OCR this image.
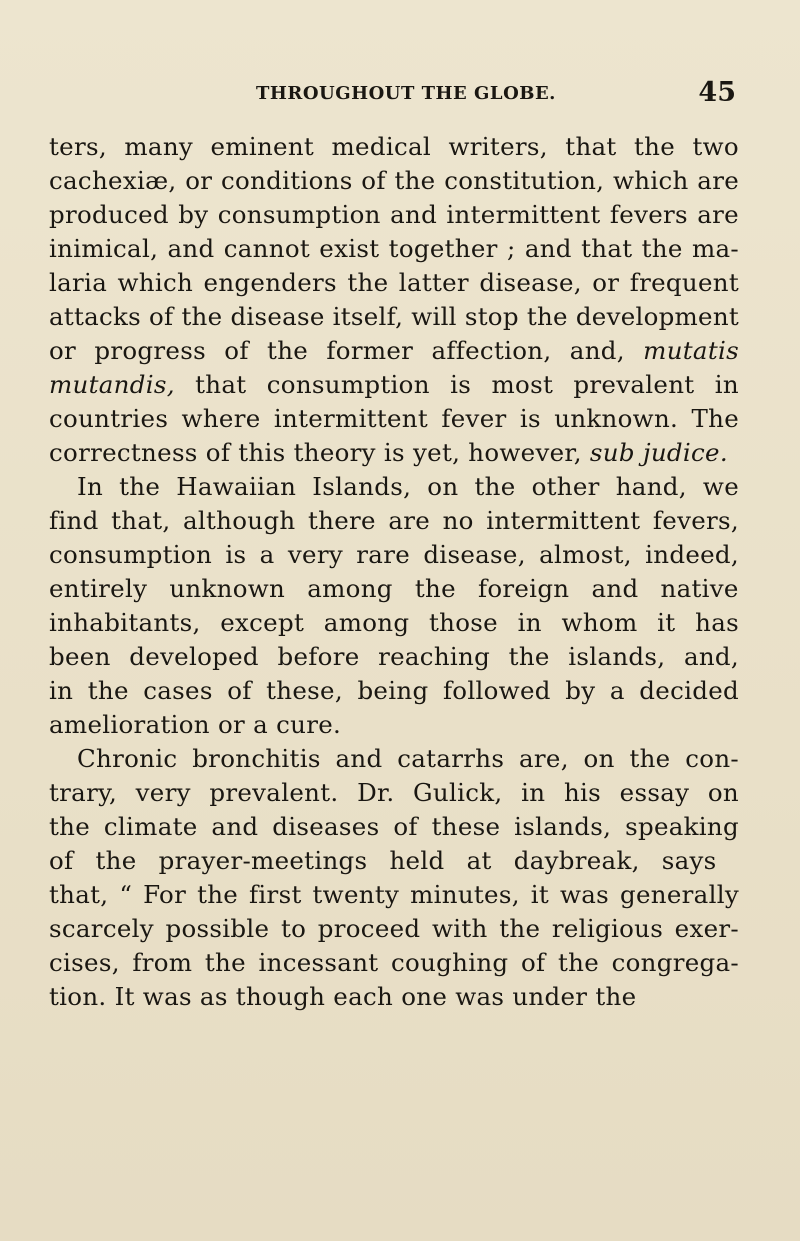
THROUGHOUT THE GLOBE.	45
ters, many eminent medical writers, that the two
cachexiæ, or conditions of the constitution, which are
produced by consumption and intermittent fevers are
inimical, and cannot exist together ; and that the ma-
laria which engenders the latter disease, or frequent
attacks of the disease itself, will stop the development
or progress of the former affection, and, mutatis
mutandis, that consumption is most prevalent in
countries where intermittent fever is unknown. The
correctness of this theory is yet, however, sub judice.
In the Hawaiian Islands, on the other hand, we
find that, although there are no intermittent fevers,
consumption is a very rare disease, almost, indeed,
entirely unknown among the foreign and native
inhabitants, except among those in whom it has
been developed before reaching the islands, and,
in the cases of these, being followed by a decided
amelioration or a cure.
Chronic bronchitis and catarrhs are, on the con-
trary, very prevalent. Dr. Gulick, in his essay on
the climate and diseases of these islands, speaking
of the prayer-meetings held at daybreak, says
that, “ For the first twenty minutes, it was generally
scarcely possible to proceed with the religious exer-
cises, from the incessant coughing of the congrega-
tion. It was as though each one was under the
